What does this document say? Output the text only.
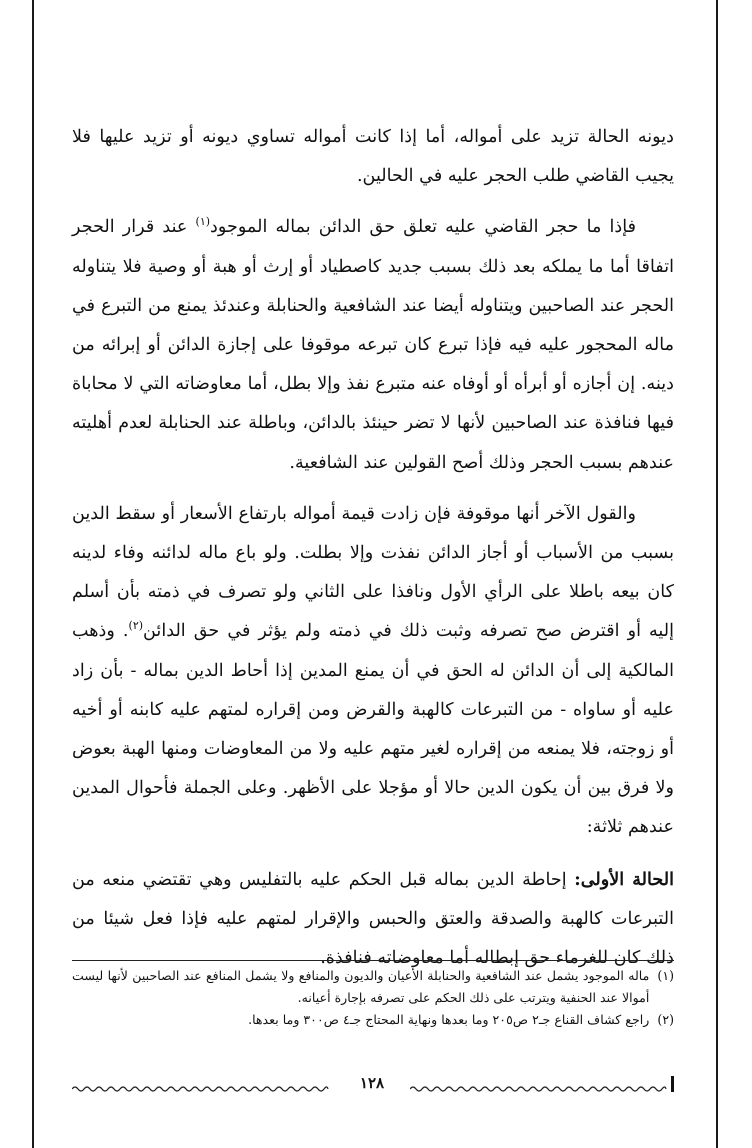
ديونه الحالة تزيد على أمواله، أما إذا كانت أمواله تساوي ديونه أو تزيد عليها فلا يجيب القاضي طلب الحجر عليه في الحالين.

فإذا ما حجر القاضي عليه تعلق حق الدائن بماله الموجود$^{(١)}$ عند قرار الحجر اتفاقا أما ما يملكه بعد ذلك بسبب جديد كاصطياد أو إرث أو هبة أو وصية فلا يتناوله الحجر عند الصاحبين ويتناوله أيضا عند الشافعية والحنابلة وعندئذ يمنع من التبرع في ماله المحجور عليه فيه فإذا تبرع كان تبرعه موقوفا على إجازة الدائن أو إبرائه من دينه. إن أجازه أو أبرأه أو أوفاه عنه متبرع نفذ وإلا بطل، أما معاوضاته التي لا محاباة فيها فنافذة عند الصاحبين لأنها لا تضر حينئذ بالدائن، وباطلة عند الحنابلة لعدم أهليته عندهم بسبب الحجر وذلك أصح القولين عند الشافعية.

والقول الآخر أنها موقوفة فإن زادت قيمة أمواله بارتفاع الأسعار أو سقط الدين بسبب من الأسباب أو أجاز الدائن نفذت وإلا بطلت. ولو باع ماله لدائنه وفاء لدينه كان بيعه باطلا على الرأي الأول ونافذا على الثاني ولو تصرف في ذمته بأن أسلم إليه أو اقترض صح تصرفه وثبت ذلك في ذمته ولم يؤثر في حق الدائن$^{(٢)}$. وذهب المالكية إلى أن الدائن له الحق في أن يمنع المدين إذا أحاط الدين بماله - بأن زاد عليه أو ساواه - من التبرعات كالهبة والقرض ومن إقراره لمتهم عليه كابنه أو أخيه أو زوجته، فلا يمنعه من إقراره لغير متهم عليه ولا من المعاوضات ومنها الهبة بعوض ولا فرق بين أن يكون الدين حالا أو مؤجلا على الأظهر. وعلى الجملة فأحوال المدين عندهم ثلاثة:

الحالة الأولى: إحاطة الدين بماله قبل الحكم عليه بالتفليس وهي تقتضي منعه من التبرعات كالهبة والصدقة والعتق والحبس والإقرار لمتهم عليه فإذا فعل شيئا من ذلك كان للغرماء حق إبطاله أما معاوضاته فنافذة.

(١)
ماله الموجود يشمل عند الشافعية والحنابلة الأعيان والديون والمنافع ولا يشمل المنافع عند الصاحبين لأنها ليست أموالا عند الحنفية ويترتب على ذلك الحكم على تصرفه بإجارة أعيانه.

(٢)
راجع كشاف القناع جـ٢ ص٢٠٥ وما بعدها ونهاية المحتاج جـ٤ ص٣٠٠ وما بعدها.

١٢٨
